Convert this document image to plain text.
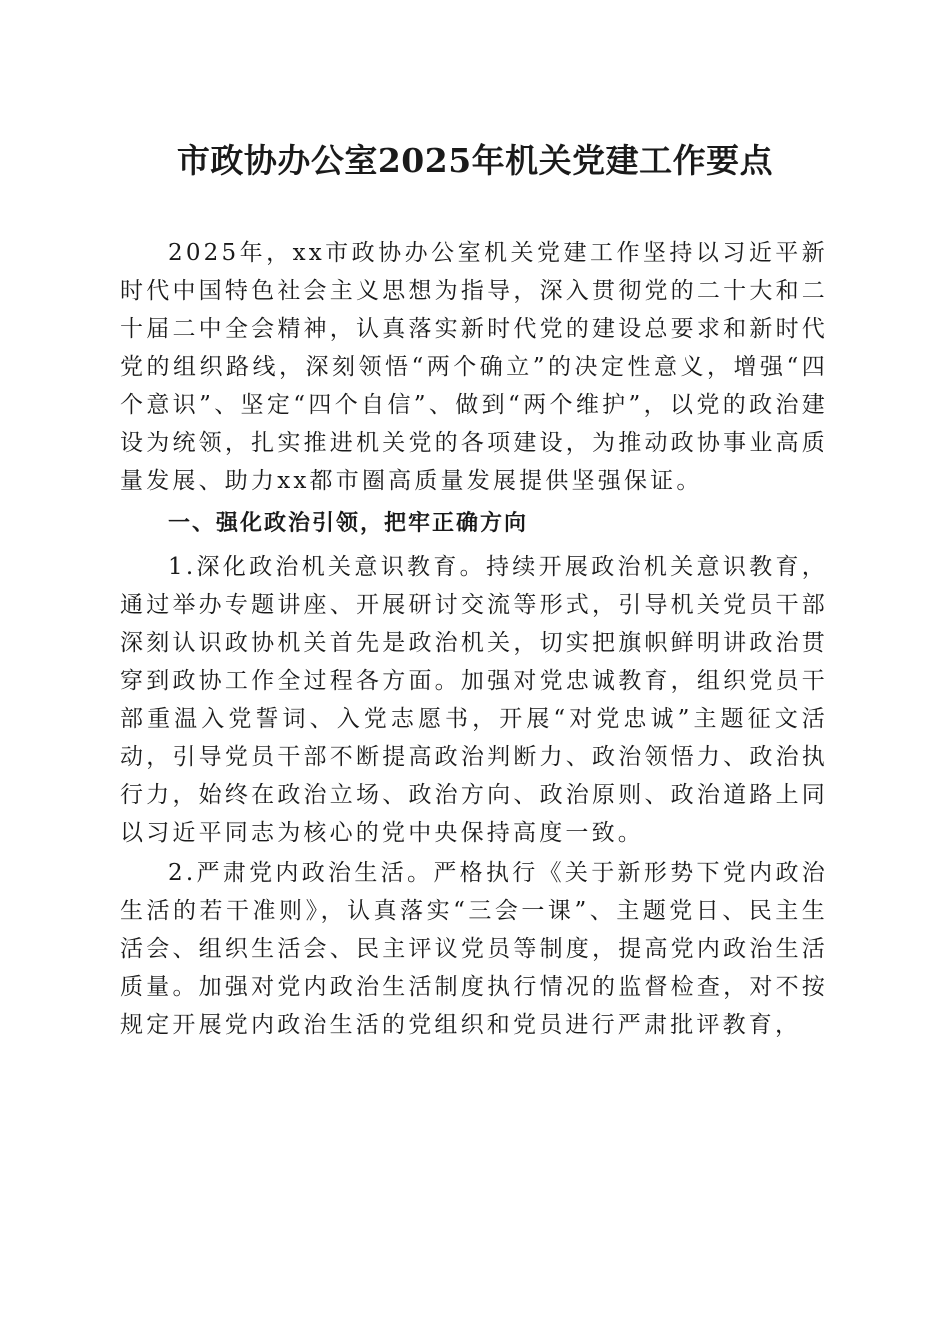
市政协办公室2025年机关党建工作要点

2025年，xx市政协办公室机关党建工作坚持以习近平新时代中国特色社会主义思想为指导，深入贯彻党的二十大和二十届二中全会精神，认真落实新时代党的建设总要求和新时代党的组织路线，深刻领悟“两个确立”的决定性意义，增强“四个意识”、坚定“四个自信”、做到“两个维护”，以党的政治建设为统领，扎实推进机关党的各项建设，为推动政协事业高质量发展、助力xx都市圈高质量发展提供坚强保证。

一、强化政治引领，把牢正确方向

1.深化政治机关意识教育。持续开展政治机关意识教育，通过举办专题讲座、开展研讨交流等形式，引导机关党员干部深刻认识政协机关首先是政治机关，切实把旗帜鲜明讲政治贯穿到政协工作全过程各方面。加强对党忠诚教育，组织党员干部重温入党誓词、入党志愿书，开展“对党忠诚”主题征文活动，引导党员干部不断提高政治判断力、政治领悟力、政治执行力，始终在政治立场、政治方向、政治原则、政治道路上同以习近平同志为核心的党中央保持高度一致。

2.严肃党内政治生活。严格执行《关于新形势下党内政治生活的若干准则》，认真落实“三会一课”、主题党日、民主生活会、组织生活会、民主评议党员等制度，提高党内政治生活质量。加强对党内政治生活制度执行情况的监督检查，对不按规定开展党内政治生活的党组织和党员进行严肃批评教育，
